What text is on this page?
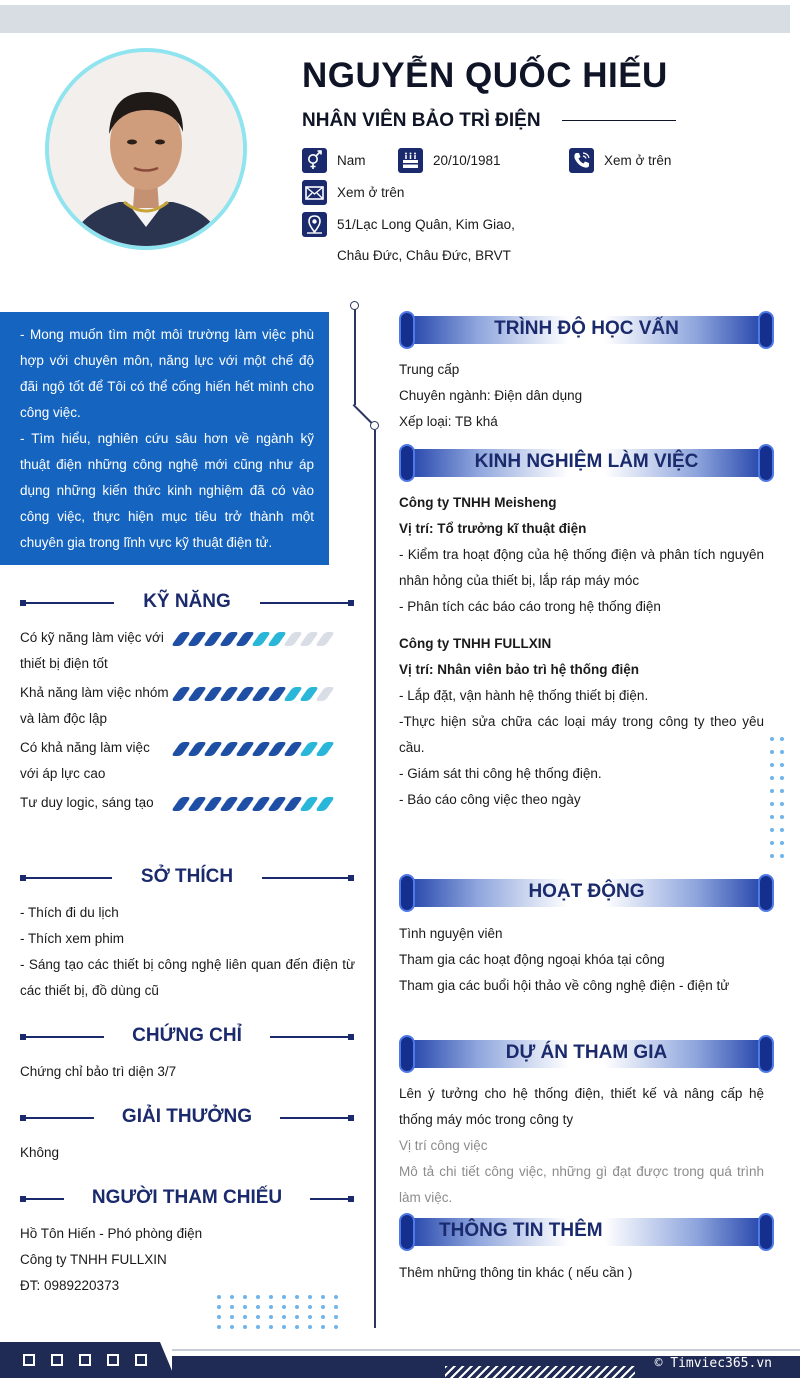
NGUYỄN QUỐC HIẾU
NHÂN VIÊN BẢO TRÌ ĐIỆN
Nam	20/10/1981	Xem ở trên
Xem ở trên
51/Lạc Long Quân, Kim Giao,
Châu Đức, Châu Đức, BRVT

- Mong muốn tìm một môi trường làm việc phù hợp với chuyên môn, năng lực với một chế độ đãi ngộ tốt để Tôi có thể cống hiến hết mình cho công việc.

- Tìm hiểu, nghiên cứu sâu hơn về ngành kỹ thuật điện những công nghệ mới cũng như áp dụng những kiến thức kinh nghiệm đã có vào công việc, thực hiện mục tiêu trở thành một chuyên gia trong lĩnh vực kỹ thuật điện tử.

KỸ NĂNG
Có kỹ năng làm việc với thiết bị điện tốt
Khả năng làm việc nhóm và làm độc lập
Có khả năng làm việc với áp lực cao
Tư duy logic, sáng tạo
SỞ THÍCH
- Thích đi du lịch
- Thích xem phim
- Sáng tạo các thiết bị công nghệ liên quan đến điện từ các thiết bị, đồ dùng cũ
CHỨNG CHỈ
Chứng chỉ bảo trì diện 3/7
GIẢI THƯỞNG
Không
NGƯỜI THAM CHIẾU
Hồ Tôn Hiến - Phó phòng điện
Công ty TNHH FULLXIN
ĐT: 0989220373
TRÌNH ĐỘ HỌC VẤN
Trung cấp
Chuyên ngành: Điện dân dụng
Xếp loại: TB khá
KINH NGHIỆM LÀM VIỆC
Công ty TNHH Meisheng
Vị trí: Tổ trưởng kĩ thuật điện
- Kiểm tra hoạt động của hệ thống điện và phân tích nguyên nhân hỏng của thiết bị, lắp ráp máy móc
- Phân tích các báo cáo trong hệ thống điện
Công ty TNHH FULLXIN
Vị trí: Nhân viên bảo trì hệ thống điện
- Lắp đặt, vận hành hệ thống thiết bị điện.
-Thực hiện sửa chữa các loại máy trong công ty theo yêu cầu.
- Giám sát thi công hệ thống điện.
- Báo cáo công việc theo ngày
HOẠT ĐỘNG
Tình nguyện viên
Tham gia các hoạt động ngoại khóa tại công
Tham gia các buổi hội thảo về công nghệ điện - điện tử
DỰ ÁN THAM GIA
Lên ý tưởng cho hệ thống điện, thiết kế và nâng cấp hệ thống máy móc trong công ty
Vị trí công việc
Mô tả chi tiết công việc, những gì đạt được trong quá trình làm việc.
THÔNG TIN THÊM
Thêm những thông tin khác ( nếu cần )
© Timviec365.vn
